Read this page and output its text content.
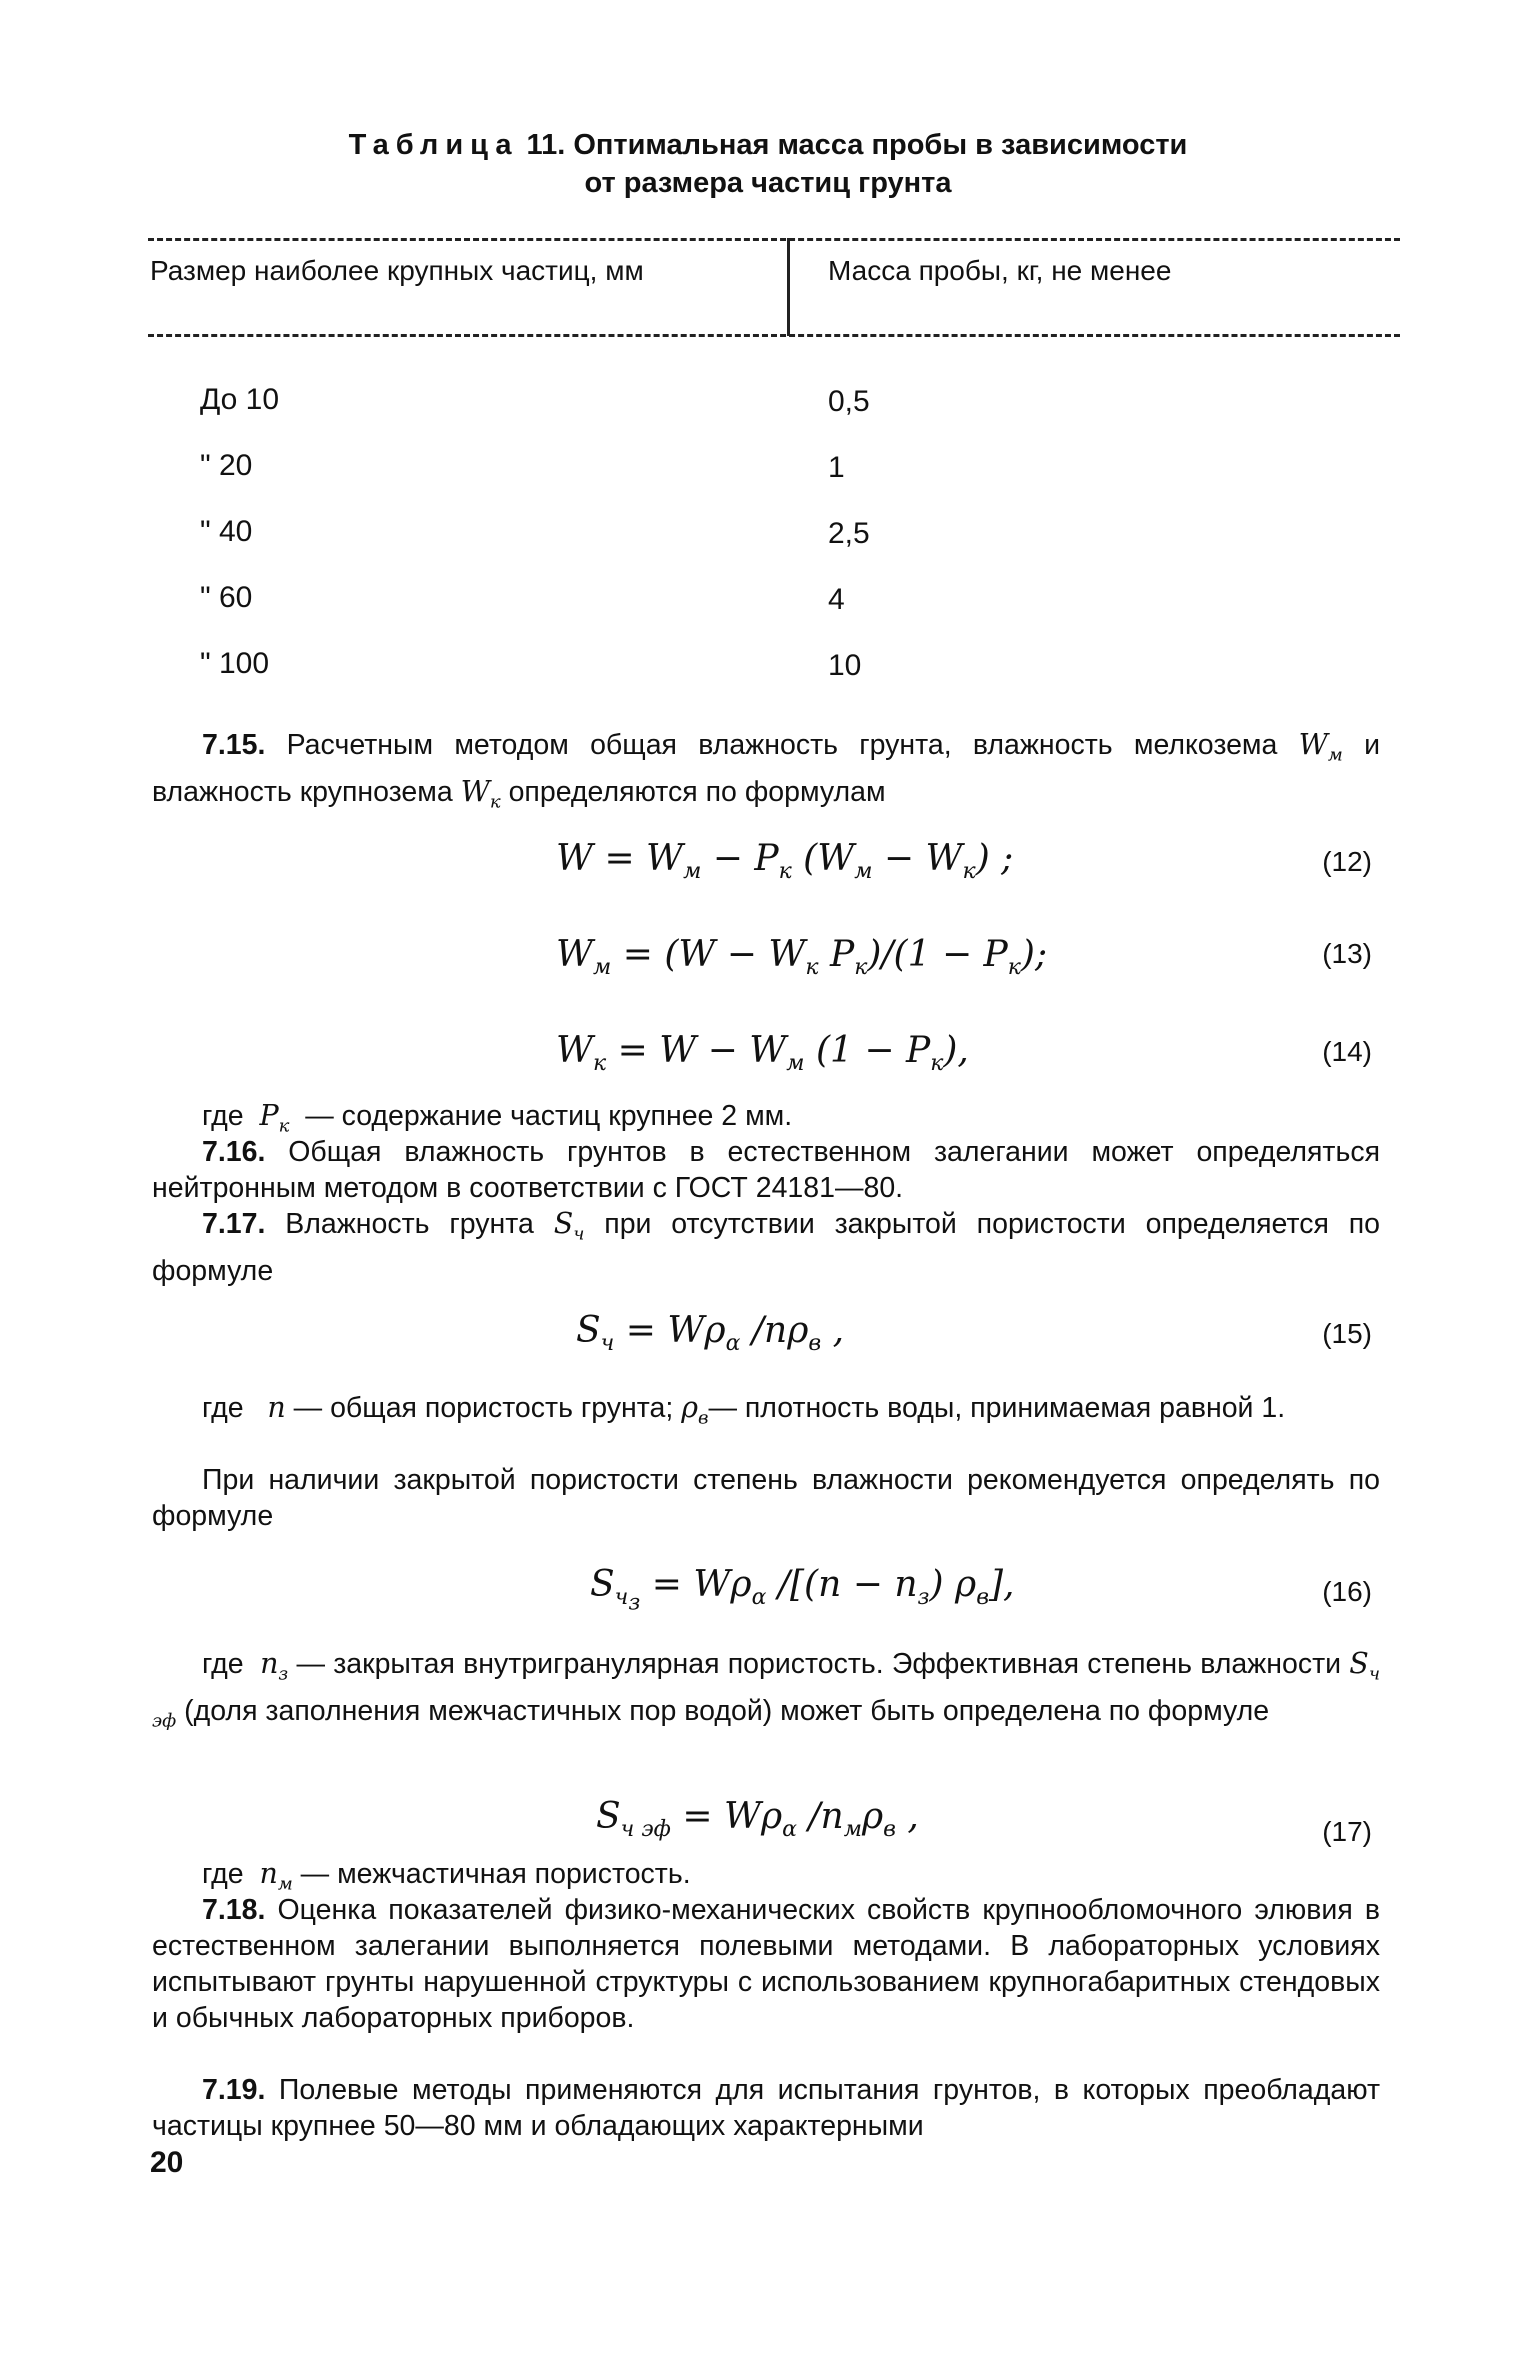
Таблица 11. Оптимальная масса пробы в зависимости
от размера частиц грунта
Размер наиболее крупных частиц, мм	Масса пробы, кг, не менее
До 10	0,5
" 20	1
" 40	2,5
" 60	4
" 100	10
7.15. Расчетным методом общая влажность грунта, влажность мелкозема $W_м$ и влажность крупнозема $W_к$ определяются по формулам
$W = W_м - P_к$ $(W_м - W_к)$ ;	(12)
$W_м = (W - W_к$ $P_к)/(1 - P_к)$;	(13)
$W_к = W - W_м$ $(1 - P_к)$,	(14)
где  $P_к$ — содержание частиц крупнее 2 мм.
7.16. Общая влажность грунтов в естественном залегании может определяться нейтронным методом в соответствии с ГОСТ 24181—80.
7.17. Влажность грунта $S_ч$ при отсутствии закрытой пористости определяется по формуле
$S_ч = W\rho_\alpha$ $/n\rho_в$ ,	(15)
где n — общая пористость грунта; $\rho_в—$ плотность воды, принимаемая равной 1.
При наличии закрытой пористости степень влажности рекомендуется определять по формуле
$S_{ч_з} = W\rho_\alpha$ $/[(n - n_з)$ $\rho_в$],	(16)
где $n_з$ — закрытая внутригранулярная пористость. Эффективная степень влажности $S_{ч эф}$ (доля заполнения межчастичных пор водой) может быть определена по формуле
$S_{ч эф} = W\rho_\alpha$ $/n_м\rho_в$ ,	(17)
где $n_м$ — межчастичная пористость.
7.18. Оценка показателей физико-механических свойств крупнообломочного элювия в естественном залегании выполняется полевыми методами. В лабораторных условиях испытывают грунты нарушенной структуры с использованием крупногабаритных стендовых и обычных лабораторных приборов.
7.19. Полевые методы применяются для испытания грунтов, в которых преобладают частицы крупнее 50—80 мм и обладающих характерными
20
